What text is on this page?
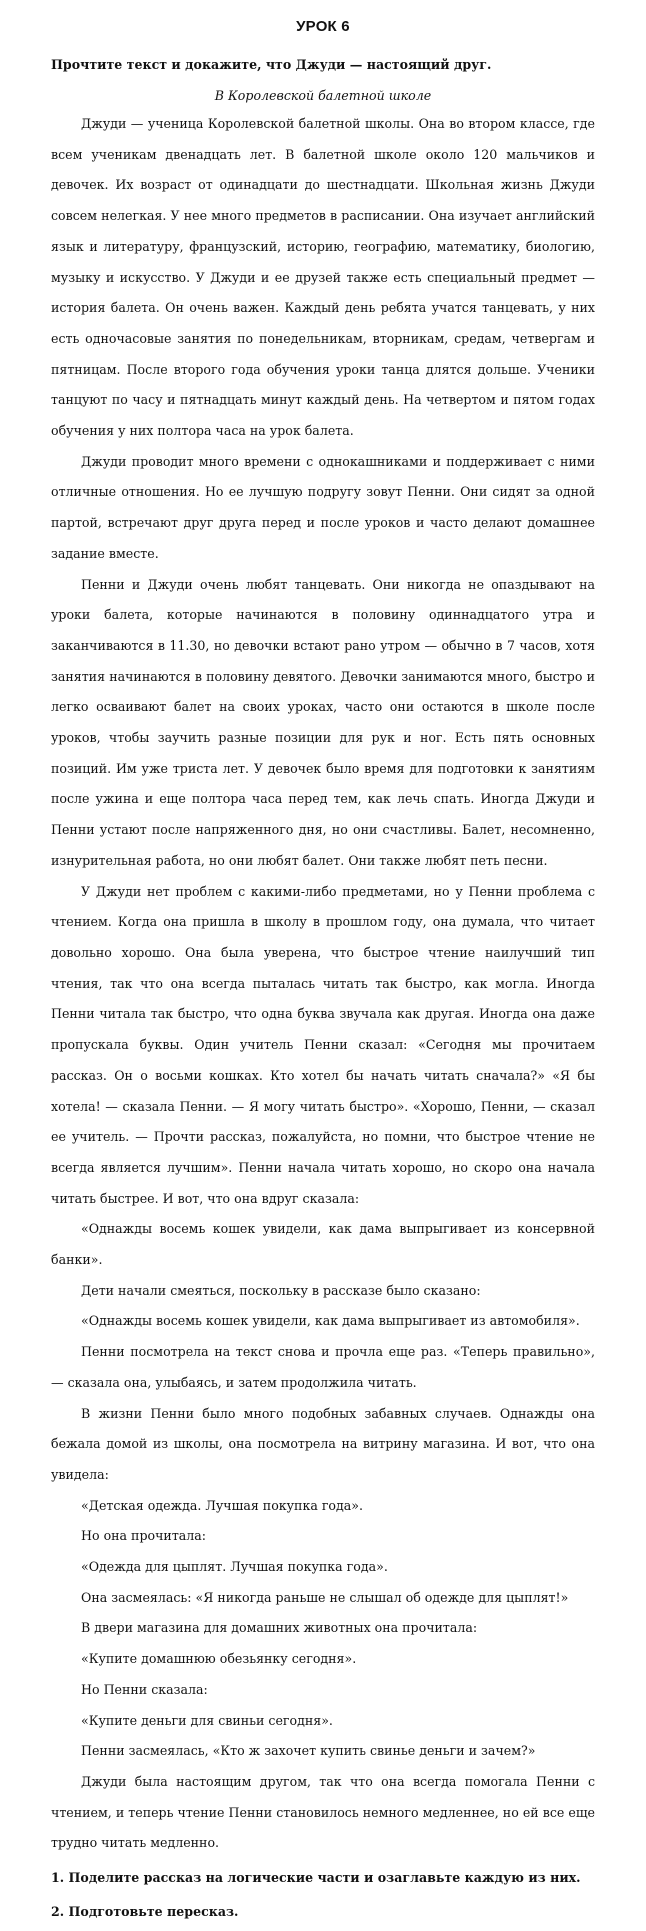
УРОК 6

Прочтите текст и докажите, что Джуди — настоящий друг.

В Королевской балетной школе

Джуди — ученица Королевской балетной школы. Она во втором классе, где всем ученикам двенадцать лет. В балетной школе около 120 мальчиков и девочек. Их возраст от одинадцати до шестнадцати. Школьная жизнь Джуди совсем нелегкая. У нее много предметов в расписании. Она изучает английский язык и литературу, французский, историю, географию, математику, биологию, музыку и искусство. У Джуди и ее друзей также есть специальный предмет — история балета. Он очень важен. Каждый день ребята учатся танцевать, у них есть одночасовые занятия по понедельникам, вторникам, средам, четвергам и пятницам. После второго года обучения уроки танца длятся дольше. Ученики танцуют по часу и пятнадцать минут каждый день. На четвертом и пятом годах обучения у них полтора часа на урок балета.

Джуди проводит много времени с однокашниками и поддерживает с ними отличные отношения. Но ее лучшую подругу зовут Пенни. Они сидят за одной партой, встречают друг друга перед и после уроков и часто делают домашнее задание вместе.

Пенни и Джуди очень любят танцевать. Они никогда не опаздывают на уроки балета, которые начинаются в половину одиннадцатого утра и заканчиваются в 11.30, но девочки встают рано утром — обычно в 7 часов, хотя занятия начинаются в половину девятого. Девочки занимаются много, быстро и легко осваивают балет на своих уроках, часто они остаются в школе после уроков, чтобы заучить разные позиции для рук и ног. Есть пять основных позиций. Им уже триста лет. У девочек было время для подготовки к занятиям после ужина и еще полтора часа перед тем, как лечь спать. Иногда Джуди и Пенни устают после напряженного дня, но они счастливы. Балет, несомненно, изнурительная работа, но они любят балет. Они также любят петь песни.

У Джуди нет проблем с какими-либо предметами, но у Пенни проблема с чтением. Когда она пришла в школу в прошлом году, она думала, что читает довольно хорошо. Она была уверена, что быстрое чтение наилучший тип чтения, так что она всегда пыталась читать так быстро, как могла. Иногда Пенни читала так быстро, что одна буква звучала как другая. Иногда она даже пропускала буквы. Один учитель Пенни сказал: «Сегодня мы прочитаем рассказ. Он о восьми кошках. Кто хотел бы начать читать сначала?» «Я бы хотела! — сказала Пенни. — Я могу читать быстро». «Хорошо, Пенни, — сказал ее учитель. — Прочти рассказ, пожалуйста, но помни, что быстрое чтение не всегда является лучшим». Пенни начала читать хорошо, но скоро она начала читать быстрее. И вот, что она вдруг сказала:

«Однажды восемь кошек увидели, как дама выпрыгивает из консервной банки».

Дети начали смеяться, поскольку в рассказе было сказано:

«Однажды восемь кошек увидели, как дама выпрыгивает из автомобиля».

Пенни посмотрела на текст снова и прочла еще раз. «Теперь правильно», — сказала она, улыбаясь, и затем продолжила читать.

В жизни Пенни было много подобных забавных случаев. Однажды она бежала домой из школы, она посмотрела на витрину магазина. И вот, что она увидела:

«Детская одежда. Лучшая покупка года».

Но она прочитала:

«Одежда для цыплят. Лучшая покупка года».

Она засмеялась: «Я никогда раньше не слышал об одежде для цыплят!»

В двери магазина для домашних животных она прочитала:

«Купите домашнюю обезьянку сегодня».

Но Пенни сказала:

«Купите деньги для свиньи сегодня».

Пенни засмеялась, «Кто ж захочет купить свинье деньги и зачем?»

Джуди была настоящим другом, так что она всегда помогала Пенни с чтением, и теперь чтение Пенни становилось немного медленнее, но ей все еще трудно читать медленно.

1. Поделите рассказ на логические части и озаглавьте каждую из них.

2. Подготовьте пересказ.
